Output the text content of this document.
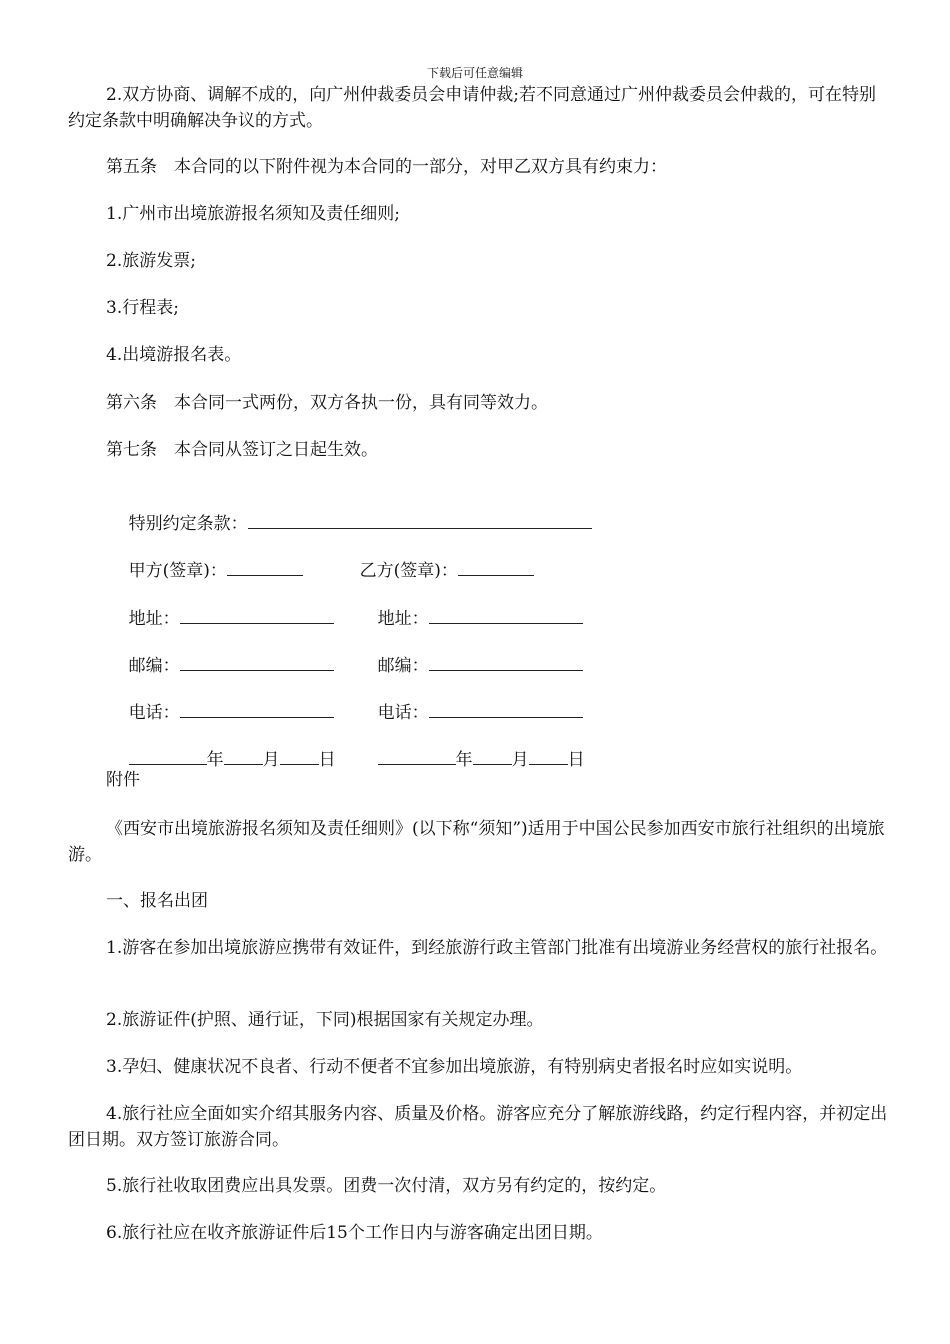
下载后可任意编辑

2.双方协商、调解不成的，向广州仲裁委员会申请仲裁;若不同意通过广州仲裁委员会仲裁的，可在特别约定条款中明确解决争议的方式。

第五条　本合同的以下附件视为本合同的一部分，对甲乙双方具有约束力：

1.广州市出境旅游报名须知及责任细则;

2.旅游发票;

3.行程表;

4.出境游报名表。

第六条　本合同一式两份，双方各执一份，具有同等效力。

第七条　本合同从签订之日起生效。

特别约定条款：

甲方(签章)：
	乙方(签章)：

地址：
	地址：

邮编：
	邮编：

电话：
	电话：

年 月 日
	年 月 日

附件

《西安市出境旅游报名须知及责任细则》(以下称“须知”)适用于中国公民参加西安市旅行社组织的出境旅游。

一、报名出团

1.游客在参加出境旅游应携带有效证件，到经旅游行政主管部门批准有出境游业务经营权的旅行社报名。

2.旅游证件(护照、通行证，下同)根据国家有关规定办理。

3.孕妇、健康状况不良者、行动不便者不宜参加出境旅游，有特别病史者报名时应如实说明。

4.旅行社应全面如实介绍其服务内容、质量及价格。游客应充分了解旅游线路，约定行程内容，并初定出团日期。双方签订旅游合同。

5.旅行社收取团费应出具发票。团费一次付清，双方另有约定的，按约定。

6.旅行社应在收齐旅游证件后15个工作日内与游客确定出团日期。
